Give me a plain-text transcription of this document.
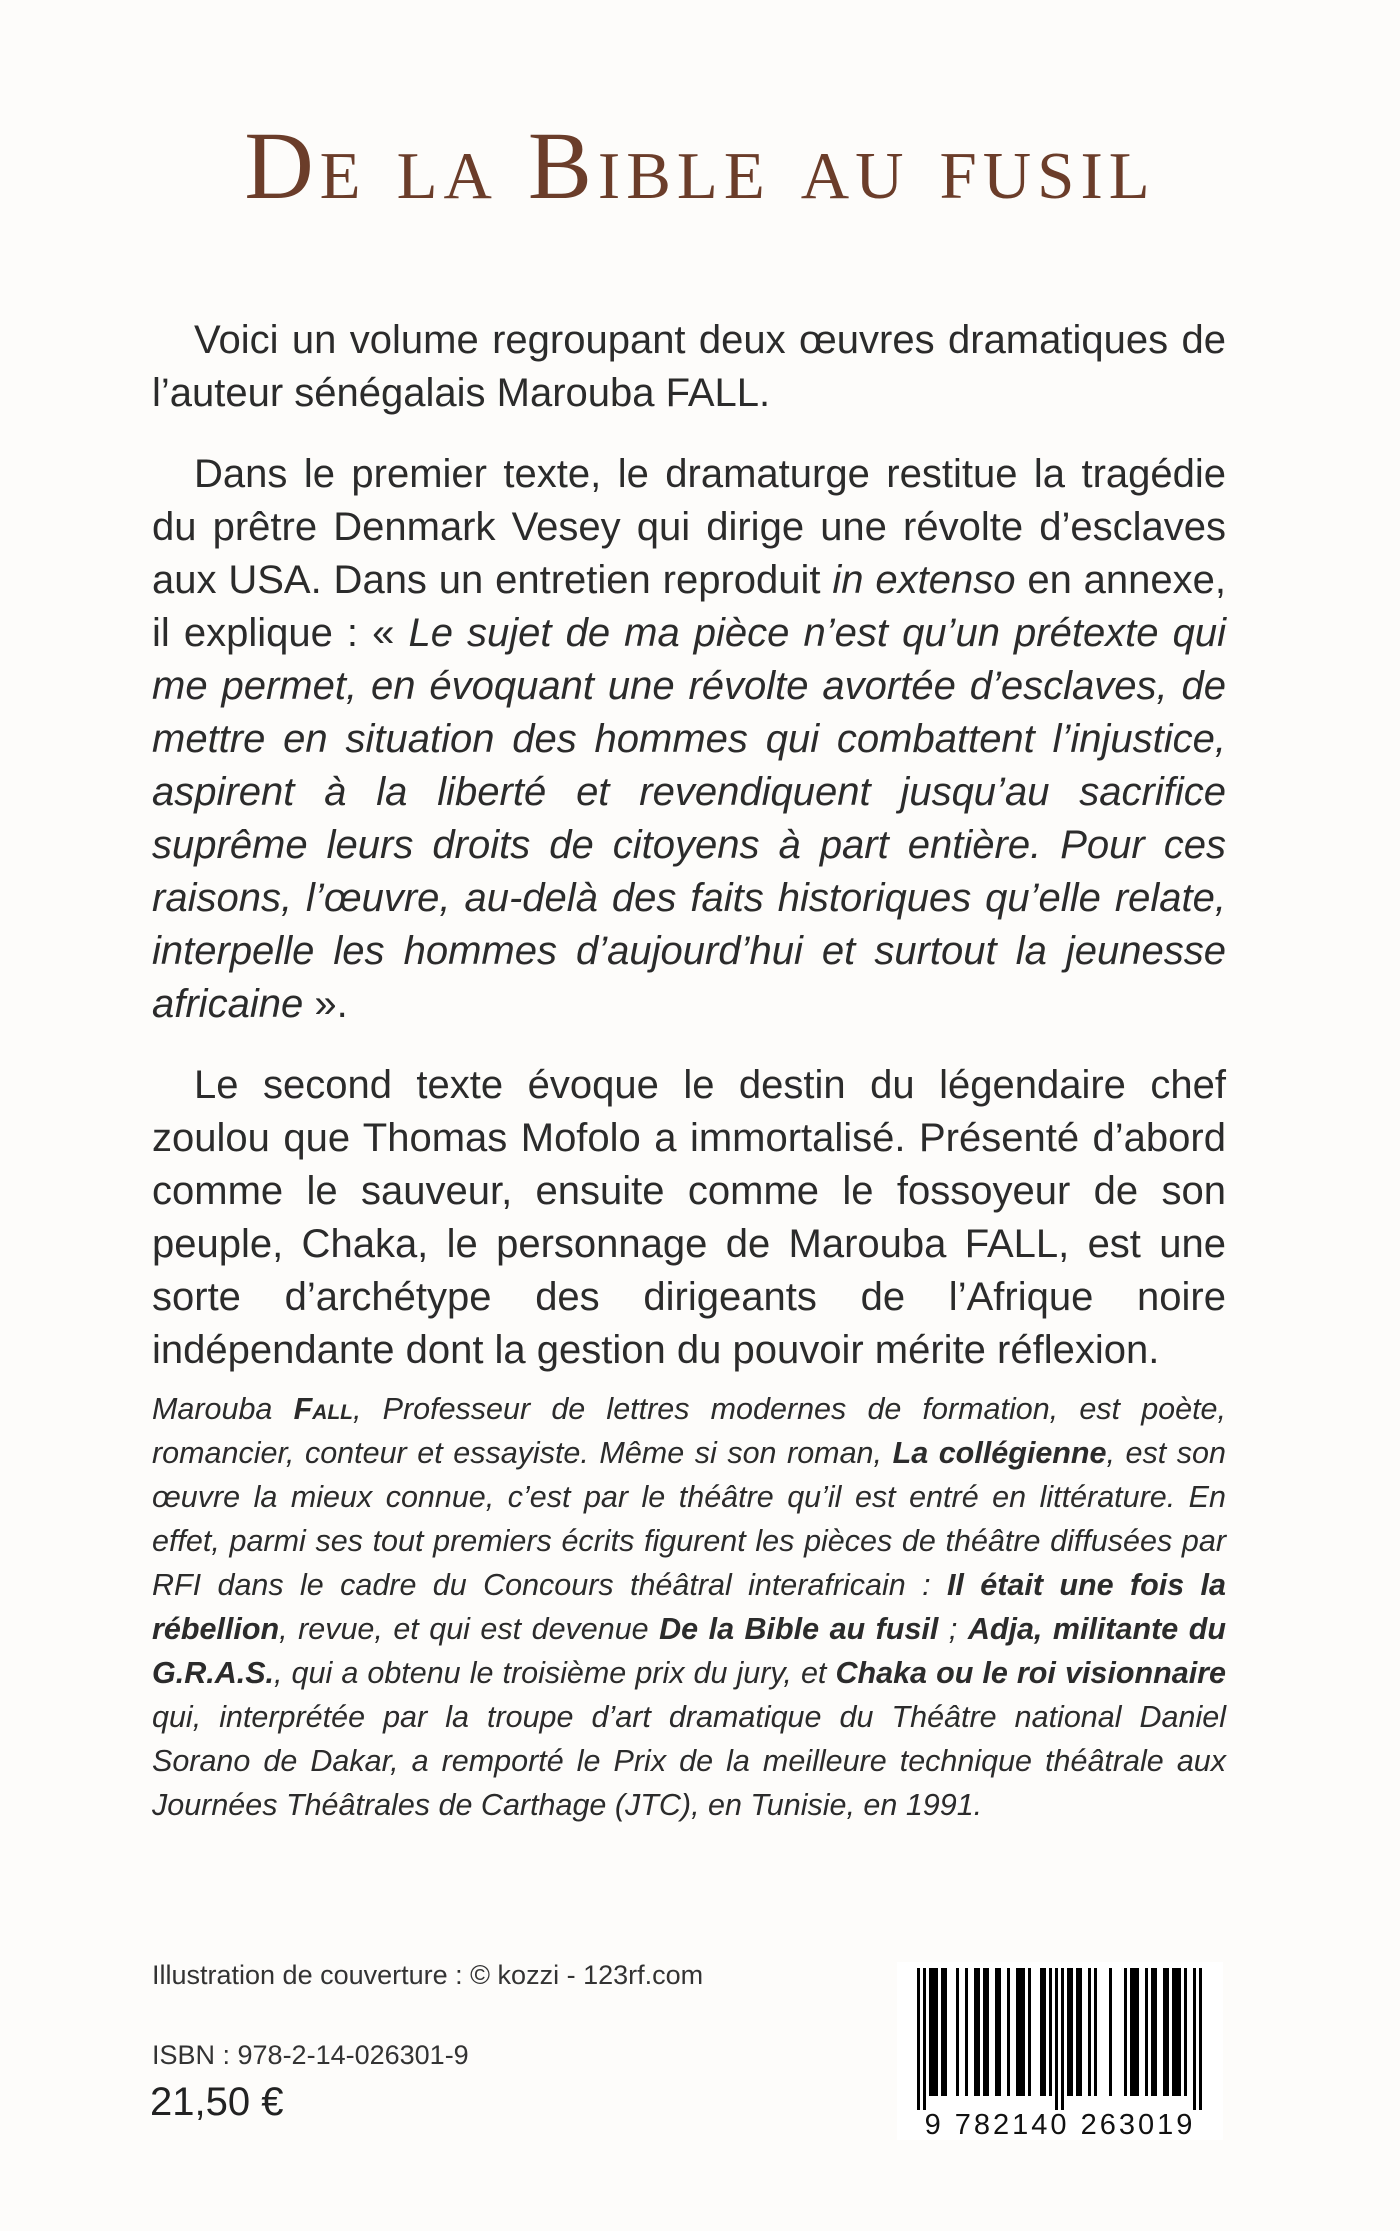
De la Bible au fusil

Voici un volume regroupant deux œuvres dramatiques de l’auteur sénégalais Marouba FALL.

Dans le premier texte, le dramaturge restitue la tragédie du prêtre Denmark Vesey qui dirige une révolte d’esclaves aux USA. Dans un entretien reproduit in extenso en annexe, il explique : « Le sujet de ma pièce n’est qu’un prétexte qui me permet, en évoquant une révolte avortée d’esclaves, de mettre en situation des hommes qui combattent l’injustice, aspirent à la liberté et revendiquent jusqu’au sacrifice suprême leurs droits de citoyens à part entière. Pour ces raisons, l’œuvre, au-delà des faits historiques qu’elle relate, interpelle les hommes d’aujourd’hui et surtout la jeunesse africaine ».

Le second texte évoque le destin du légendaire chef zoulou que Thomas Mofolo a immortalisé. Présenté d’abord comme le sauveur, ensuite comme le fossoyeur de son peuple, Chaka, le personnage de Marouba FALL, est une sorte d’archétype des dirigeants de l’Afrique noire indépendante dont la gestion du pouvoir mérite réflexion.

Marouba Fall, Professeur de lettres modernes de formation, est poète, romancier, conteur et essayiste. Même si son roman, La collégienne, est son œuvre la mieux connue, c’est par le théâtre qu’il est entré en littérature. En effet, parmi ses tout premiers écrits figurent les pièces de théâtre diffusées par RFI dans le cadre du Concours théâtral interafricain : Il était une fois la rébellion, revue, et qui est devenue De la Bible au fusil ; Adja, militante du G.R.A.S., qui a obtenu le troisième prix du jury, et Chaka ou le roi visionnaire qui, interprétée par la troupe d’art dramatique du Théâtre national Daniel Sorano de Dakar, a remporté le Prix de la meilleure technique théâtrale aux Journées Théâtrales de Carthage (JTC), en Tunisie, en 1991.

Illustration de couverture : © kozzi - 123rf.com
ISBN : 978-2-14-026301-9
21,50 €
9 782140 263019
